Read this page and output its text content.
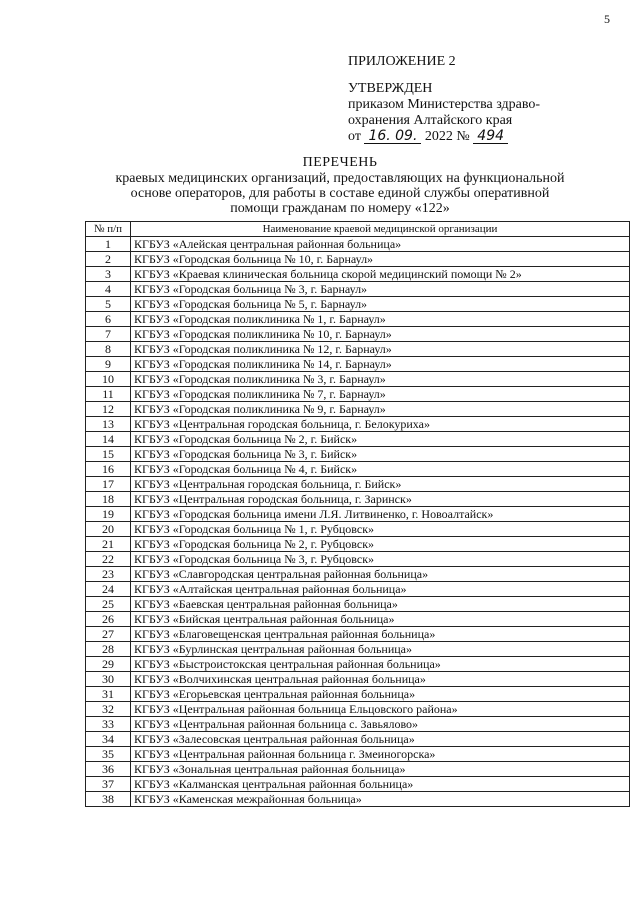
5
ПРИЛОЖЕНИЕ 2
УТВЕРЖДЕН
приказом Министерства здраво-
охранения Алтайского края
от 16. 09. 2022 № 494
ПЕРЕЧЕНЬ
краевых медицинских организаций, предоставляющих на функциональной
основе операторов, для работы в составе единой службы оперативной
помощи гражданам по номеру «122»
№ п/п	Наименование краевой медицинской организации
1	КГБУЗ «Алейская центральная районная больница»
2	КГБУЗ «Городская больница № 10, г. Барнаул»
3	КГБУЗ «Краевая клиническая больница скорой медицинский помощи № 2»
4	КГБУЗ «Городская больница № 3, г. Барнаул»
5	КГБУЗ «Городская больница № 5, г. Барнаул»
6	КГБУЗ «Городская поликлиника № 1, г. Барнаул»
7	КГБУЗ «Городская поликлиника № 10, г. Барнаул»
8	КГБУЗ «Городская поликлиника № 12, г. Барнаул»
9	КГБУЗ «Городская поликлиника № 14, г. Барнаул»
10	КГБУЗ «Городская поликлиника № 3, г. Барнаул»
11	КГБУЗ «Городская поликлиника № 7, г. Барнаул»
12	КГБУЗ «Городская поликлиника № 9, г. Барнаул»
13	КГБУЗ «Центральная городская больница, г. Белокуриха»
14	КГБУЗ «Городская больница № 2, г. Бийск»
15	КГБУЗ «Городская больница № 3, г. Бийск»
16	КГБУЗ «Городская больница № 4, г. Бийск»
17	КГБУЗ «Центральная городская больница, г. Бийск»
18	КГБУЗ «Центральная городская больница, г. Заринск»
19	КГБУЗ «Городская больница имени Л.Я. Литвиненко, г. Новоалтайск»
20	КГБУЗ «Городская больница № 1, г. Рубцовск»
21	КГБУЗ «Городская больница № 2, г. Рубцовск»
22	КГБУЗ «Городская больница № 3, г. Рубцовск»
23	КГБУЗ «Славгородская центральная районная больница»
24	КГБУЗ «Алтайская центральная районная больница»
25	КГБУЗ «Баевская центральная районная больница»
26	КГБУЗ «Бийская центральная районная больница»
27	КГБУЗ «Благовещенская центральная районная больница»
28	КГБУЗ «Бурлинская центральная районная больница»
29	КГБУЗ «Быстроистокская центральная районная больница»
30	КГБУЗ «Волчихинская центральная районная больница»
31	КГБУЗ «Егорьевская центральная районная больница»
32	КГБУЗ «Центральная районная больница Ельцовского района»
33	КГБУЗ «Центральная районная больница с. Завьялово»
34	КГБУЗ «Залесовская центральная районная больница»
35	КГБУЗ «Центральная районная больница г. Змеиногорска»
36	КГБУЗ «Зональная центральная районная больница»
37	КГБУЗ «Калманская центральная районная больница»
38	КГБУЗ «Каменская межрайонная больница»
